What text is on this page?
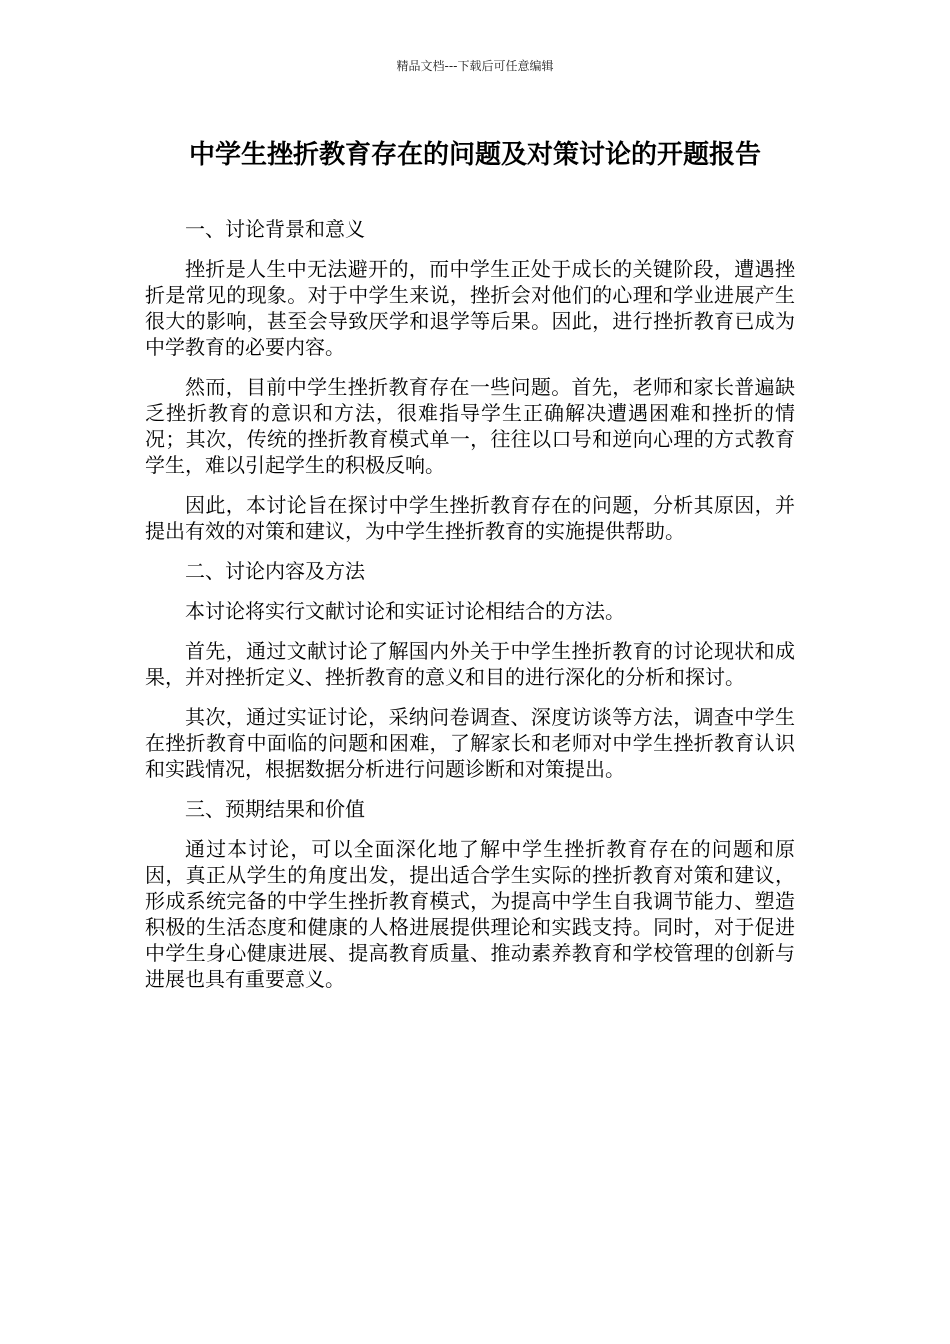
精品文档---下载后可任意编辑
中学生挫折教育存在的问题及对策讨论的开题报告

一、讨论背景和意义

挫折是人生中无法避开的，而中学生正处于成长的关键阶段，遭遇挫折是常见的现象。对于中学生来说，挫折会对他们的心理和学业进展产生很大的影响，甚至会导致厌学和退学等后果。因此，进行挫折教育已成为中学教育的必要内容。

然而，目前中学生挫折教育存在一些问题。首先，老师和家长普遍缺乏挫折教育的意识和方法，很难指导学生正确解决遭遇困难和挫折的情况；其次，传统的挫折教育模式单一，往往以口号和逆向心理的方式教育学生，难以引起学生的积极反响。

因此，本讨论旨在探讨中学生挫折教育存在的问题，分析其原因，并提出有效的对策和建议，为中学生挫折教育的实施提供帮助。

二、讨论内容及方法

本讨论将实行文献讨论和实证讨论相结合的方法。

首先，通过文献讨论了解国内外关于中学生挫折教育的讨论现状和成果，并对挫折定义、挫折教育的意义和目的进行深化的分析和探讨。

其次，通过实证讨论，采纳问卷调查、深度访谈等方法，调查中学生在挫折教育中面临的问题和困难，了解家长和老师对中学生挫折教育认识和实践情况，根据数据分析进行问题诊断和对策提出。

三、预期结果和价值

通过本讨论，可以全面深化地了解中学生挫折教育存在的问题和原因，真正从学生的角度出发，提出适合学生实际的挫折教育对策和建议，形成系统完备的中学生挫折教育模式，为提高中学生自我调节能力、塑造积极的生活态度和健康的人格进展提供理论和实践支持。同时，对于促进中学生身心健康进展、提高教育质量、推动素养教育和学校管理的创新与进展也具有重要意义。
